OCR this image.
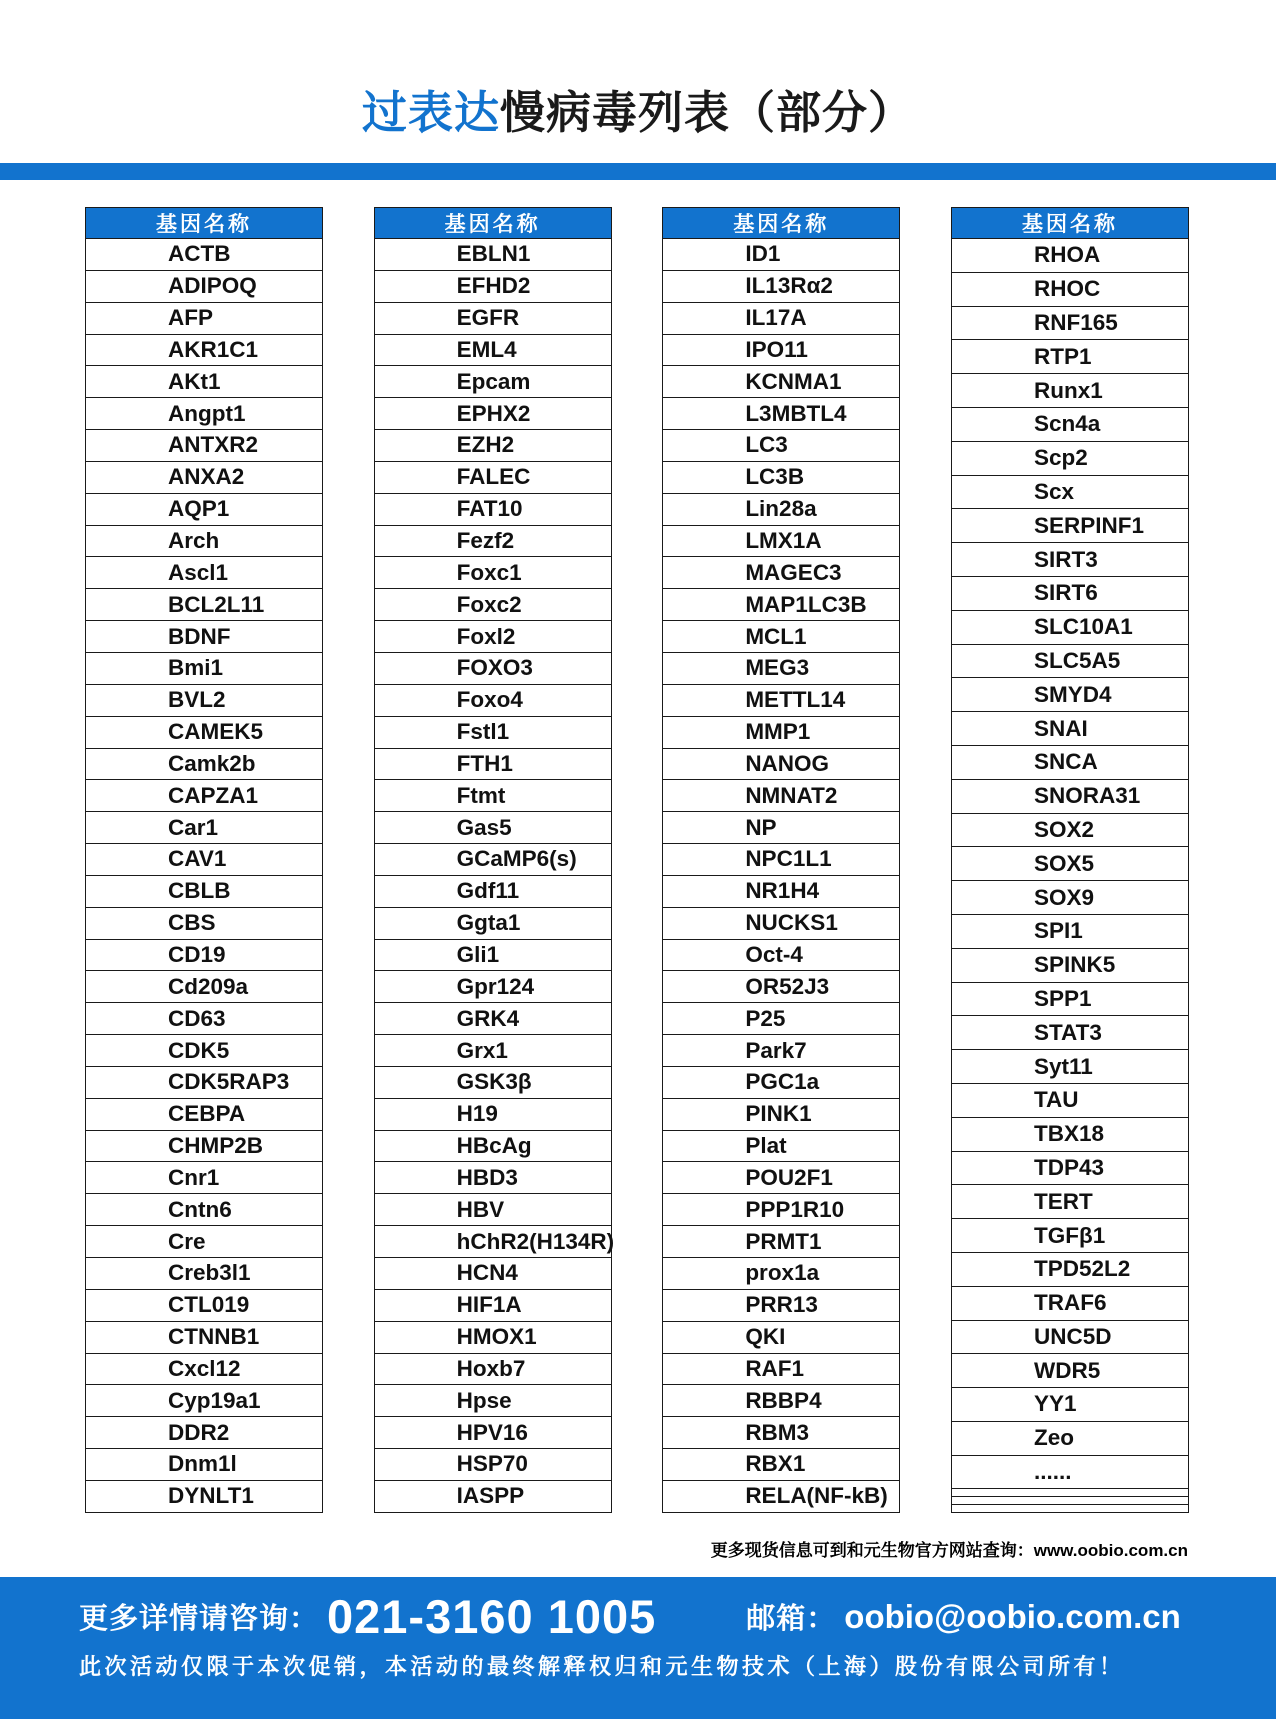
过表达慢病毒列表（部分）
基因名称
ACTB
ADIPOQ
AFP
AKR1C1
AKt1
Angpt1
ANTXR2
ANXA2
AQP1
Arch
Ascl1
BCL2L11
BDNF
Bmi1
BVL2
CAMEK5
Camk2b
CAPZA1
Car1
CAV1
CBLB
CBS
CD19
Cd209a
CD63
CDK5
CDK5RAP3
CEBPA
CHMP2B
Cnr1
Cntn6
Cre
Creb3l1
CTL019
CTNNB1
Cxcl12
Cyp19a1
DDR2
Dnm1l
DYNLT1
基因名称
EBLN1
EFHD2
EGFR
EML4
Epcam
EPHX2
EZH2
FALEC
FAT10
Fezf2
Foxc1
Foxc2
Foxl2
FOXO3
Foxo4
Fstl1
FTH1
Ftmt
Gas5
GCaMP6(s)
Gdf11
Ggta1
Gli1
Gpr124
GRK4
Grx1
GSK3β
H19
HBcAg
HBD3
HBV
hChR2(H134R)
HCN4
HIF1A
HMOX1
Hoxb7
Hpse
HPV16
HSP70
IASPP
基因名称
ID1
IL13Rα2
IL17A
IPO11
KCNMA1
L3MBTL4
LC3
LC3B
Lin28a
LMX1A
MAGEC3
MAP1LC3B
MCL1
MEG3
METTL14
MMP1
NANOG
NMNAT2
NP
NPC1L1
NR1H4
NUCKS1
Oct-4
OR52J3
P25
Park7
PGC1a
PINK1
Plat
POU2F1
PPP1R10
PRMT1
prox1a
PRR13
QKI
RAF1
RBBP4
RBM3
RBX1
RELA(NF-kB)
基因名称
RHOA
RHOC
RNF165
RTP1
Runx1
Scn4a
Scp2
Scx
SERPINF1
SIRT3
SIRT6
SLC10A1
SLC5A5
SMYD4
SNAI
SNCA
SNORA31
SOX2
SOX5
SOX9
SPI1
SPINK5
SPP1
STAT3
Syt11
TAU
TBX18
TDP43
TERT
TGFβ1
TPD52L2
TRAF6
UNC5D
WDR5
YY1
Zeo
......
更多现货信息可到和元生物官方网站查询：www.oobio.com.cn
更多详情请咨询： 021-3160 1005	邮箱： oobio@oobio.com.cn
此次活动仅限于本次促销，本活动的最终解释权归和元生物技术（上海）股份有限公司所有！
